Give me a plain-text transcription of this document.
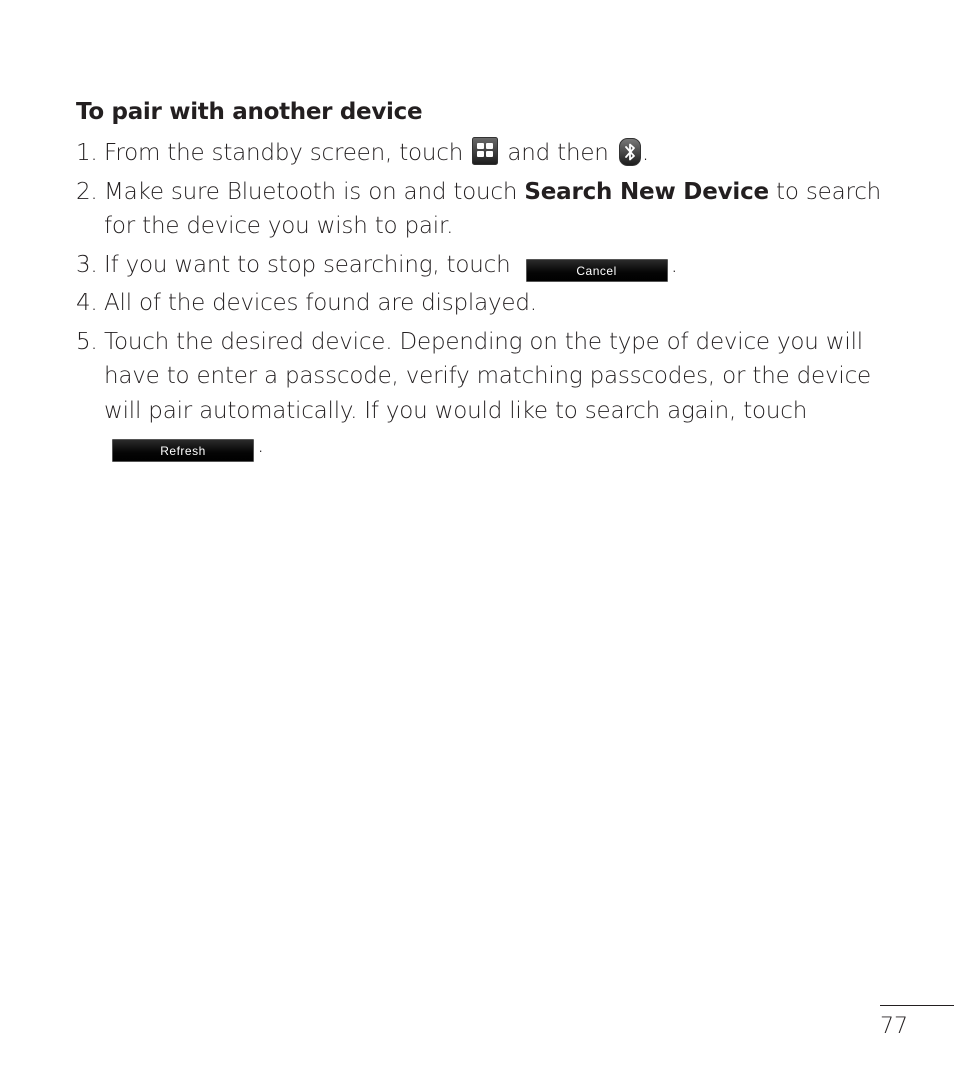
To pair with another device
1. From the standby screen, touch and then .
2. Make sure Bluetooth is on and touch Search New Device to search for the device you wish to pair.
3. If you want to stop searching, touch	Cancel .
4. All of the devices found are displayed.
5. Touch the desired device. Depending on the type of device you will have to enter a passcode, verify matching passcodes, or the device will pair automatically. If you would like to search again, touch Refresh .
77
